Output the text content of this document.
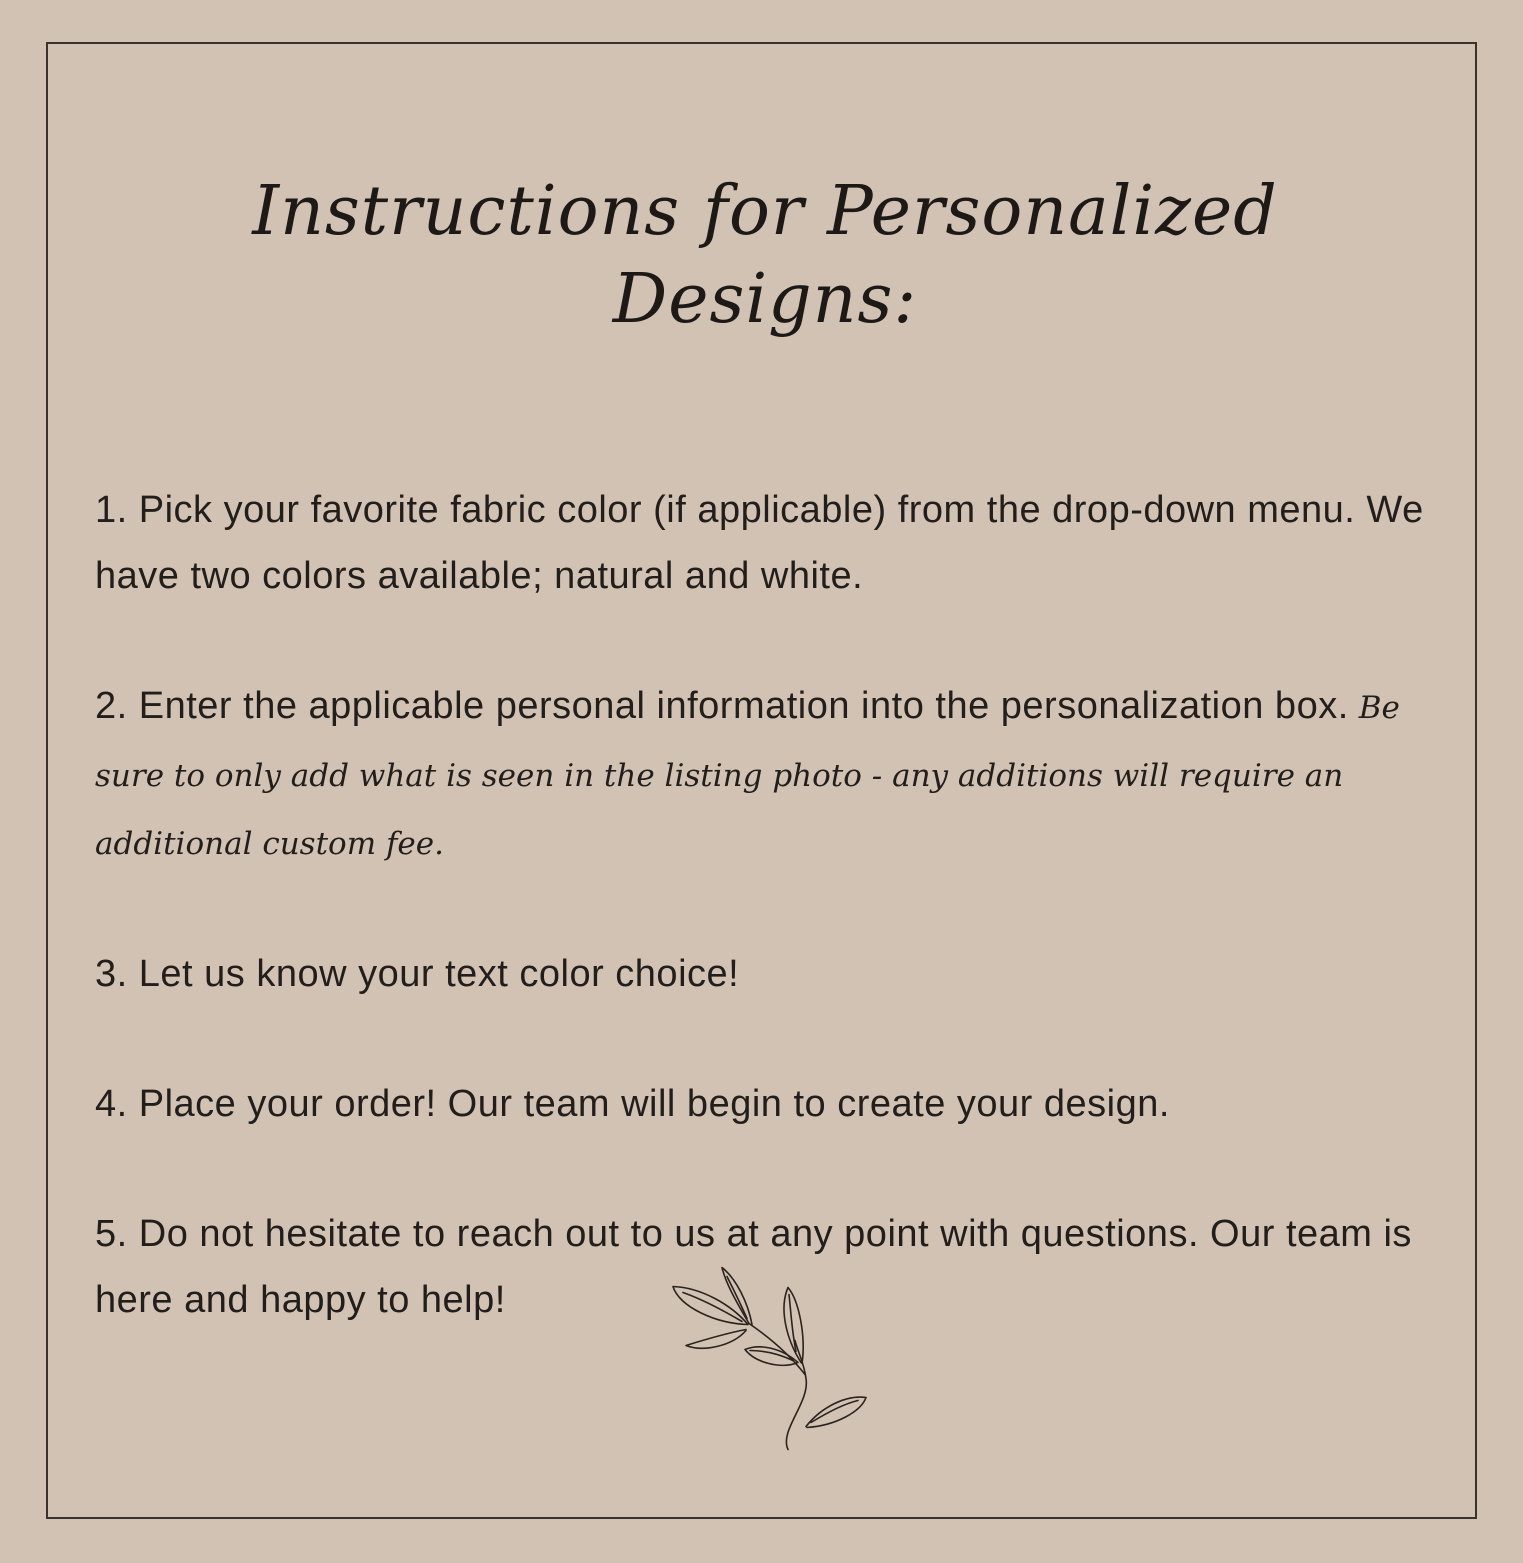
Instructions for Personalized Designs:

1. Pick your favorite fabric color (if applicable) from the drop-down menu. We have two colors available; natural and white.

2. Enter the applicable personal information into the personalization box. Be sure to only add what is seen in the listing photo - any additions will require an additional custom fee.

3. Let us know your text color choice!

4. Place your order! Our team will begin to create your design.

5. Do not hesitate to reach out to us at any point with questions. Our team is here and happy to help!
